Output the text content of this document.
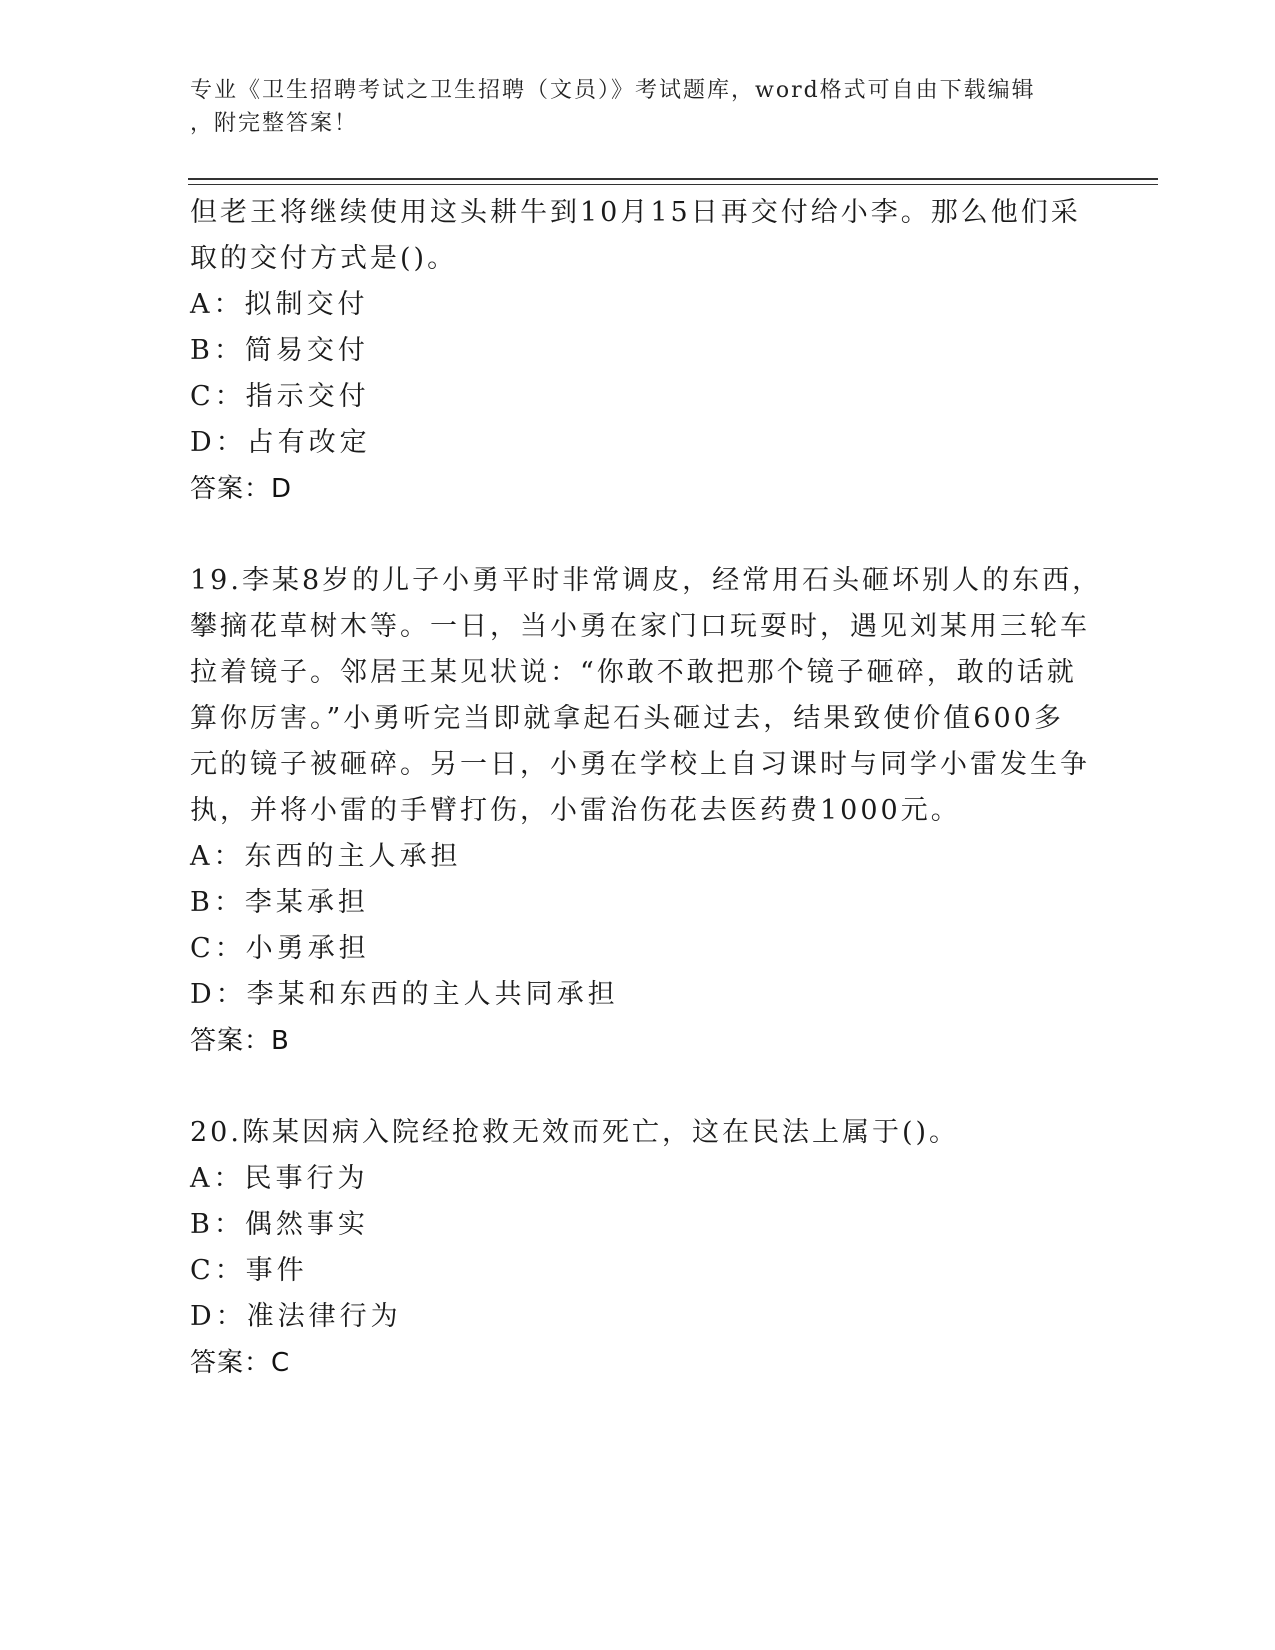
专业《卫生招聘考试之卫生招聘（文员）》考试题库，word格式可自由下载编辑
，附完整答案！
但老王将继续使用这头耕牛到10月15日再交付给小李。那么他们采
取的交付方式是()。
A：拟制交付
B：简易交付
C：指示交付
D：占有改定
答案：D
19.李某8岁的儿子小勇平时非常调皮，经常用石头砸坏别人的东西，
攀摘花草树木等。一日，当小勇在家门口玩耍时，遇见刘某用三轮车
拉着镜子。邻居王某见状说：“你敢不敢把那个镜子砸碎，敢的话就
算你厉害。”小勇听完当即就拿起石头砸过去，结果致使价值600多
元的镜子被砸碎。另一日，小勇在学校上自习课时与同学小雷发生争
执，并将小雷的手臂打伤，小雷治伤花去医药费1000元。
A：东西的主人承担
B：李某承担
C：小勇承担
D：李某和东西的主人共同承担
答案：B
20.陈某因病入院经抢救无效而死亡，这在民法上属于()。
A：民事行为
B：偶然事实
C：事件
D：准法律行为
答案：C
